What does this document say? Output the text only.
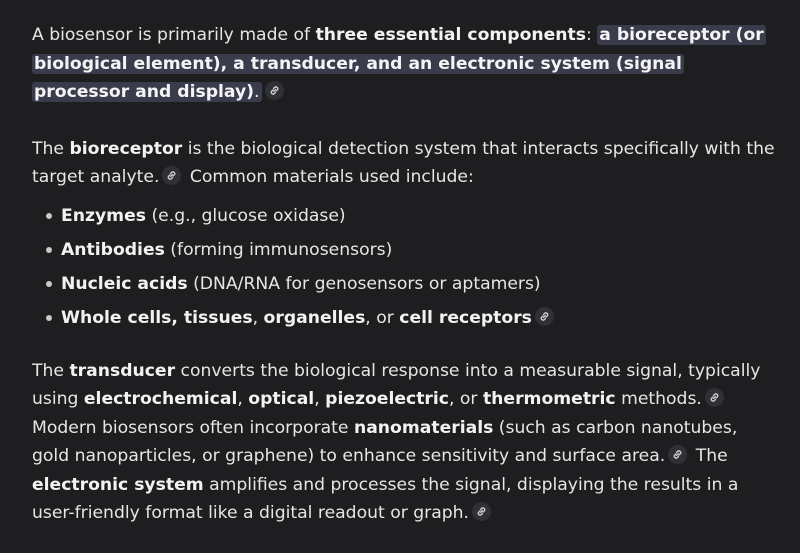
A biosensor is primarily made of three essential components: a bioreceptor (or biological element), a transducer, and an electronic system (signal processor and display).

The bioreceptor is the biological detection system that interacts specifically with the target analyte.
Common materials used include:

Enzymes (e.g., glucose oxidase)
Antibodies (forming immunosensors)
Nucleic acids (DNA/RNA for genosensors or aptamers)
Whole cells, tissues, organelles, or cell receptors

The transducer converts the biological response into a measurable signal, typically using electrochemical, optical, piezoelectric, or thermometric methods.
Modern biosensors often incorporate nanomaterials (such as carbon nanotubes, gold nanoparticles, or graphene) to enhance sensitivity and surface area.
The electronic system amplifies and processes the signal, displaying the results in a user-friendly format like a digital readout or graph.
